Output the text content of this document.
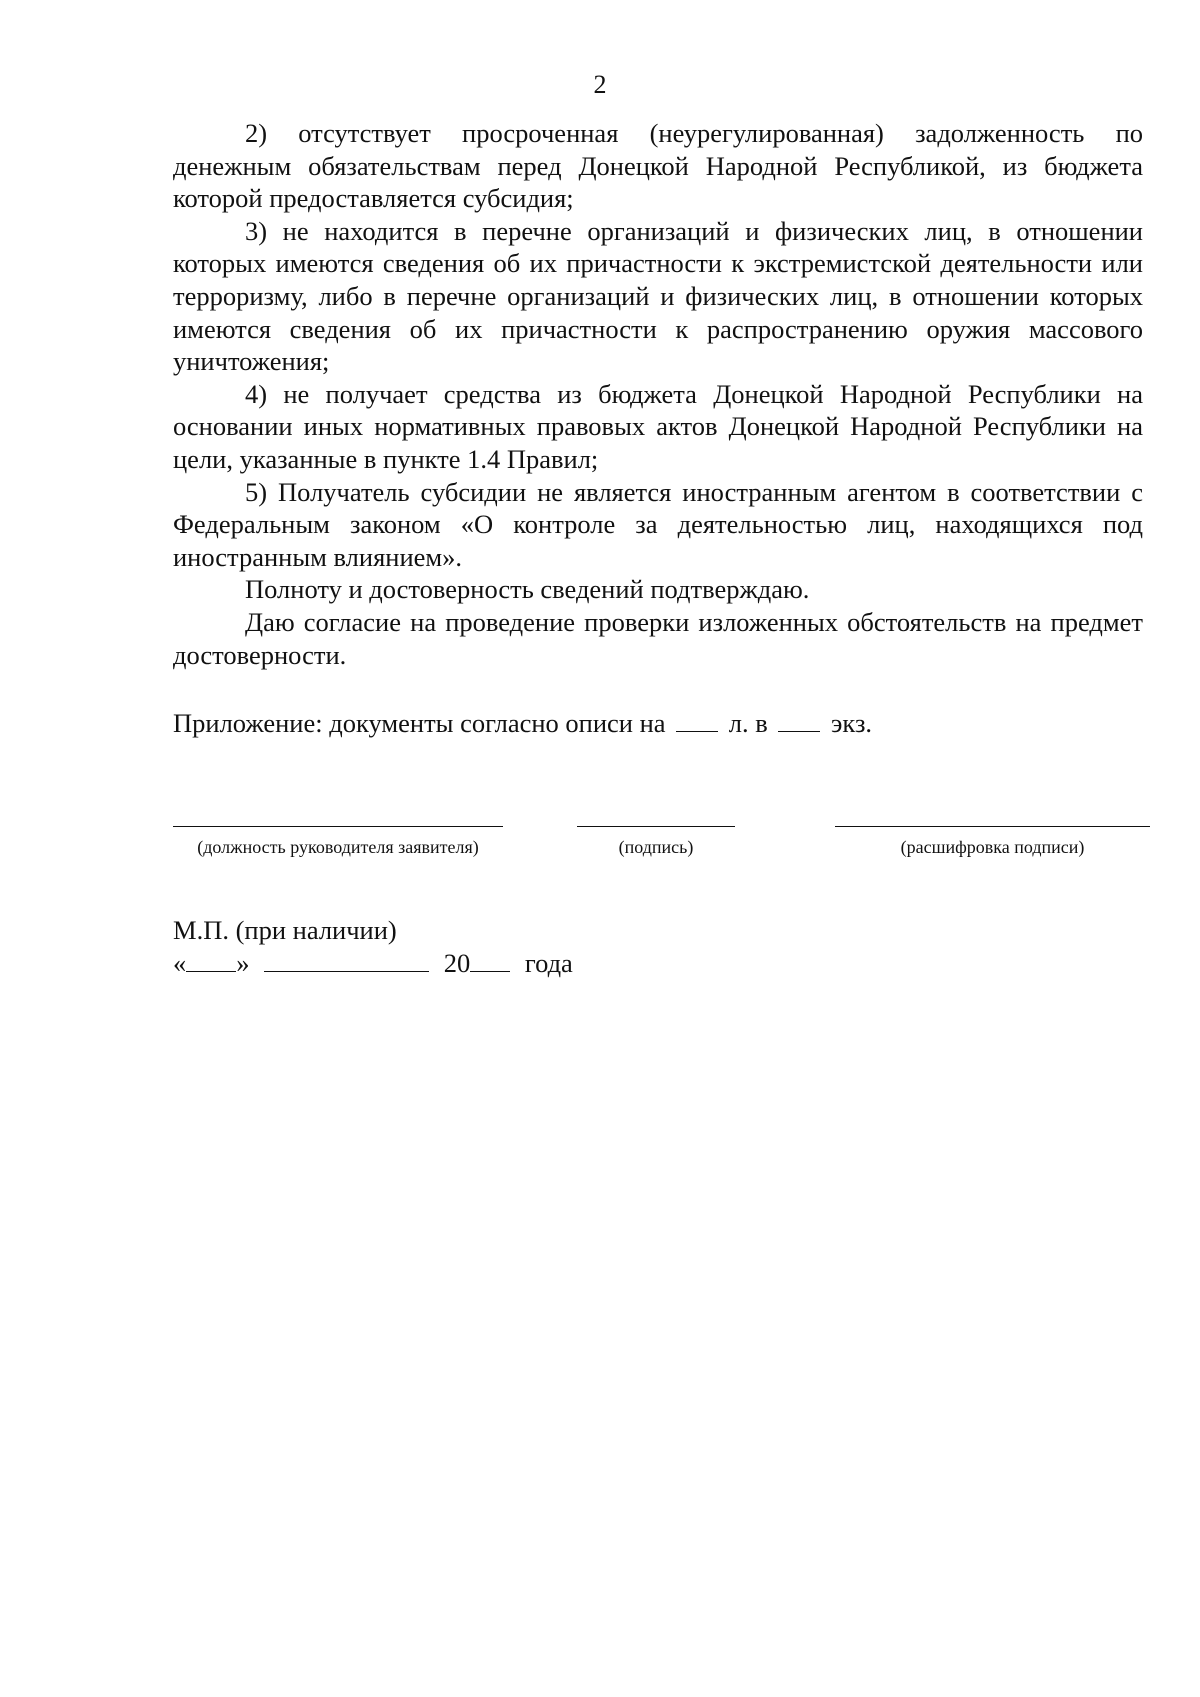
2

2) отсутствует просроченная (неурегулированная) задолженность по денежным обязательствам перед Донецкой Народной Республикой, из бюджета которой предоставляется субсидия;

3) не находится в перечне организаций и физических лиц, в отношении которых имеются сведения об их причастности к экстремистской деятельности или терроризму, либо в перечне организаций и физических лиц, в отношении которых имеются сведения об их причастности к распространению оружия массового уничтожения;

4) не получает средства из бюджета Донецкой Народной Республики на основании иных нормативных правовых актов Донецкой Народной Республики на цели, указанные в пункте 1.4 Правил;

5) Получатель субсидии не является иностранным агентом в соответствии с Федеральным законом «О контроле за деятельностью лиц, находящихся под иностранным влиянием».

Полноту и достоверность сведений подтверждаю.

Даю согласие на проведение проверки изложенных обстоятельств на предмет достоверности.

Приложение: документы согласно описи на л. в экз.
(должность руководителя заявителя)	(подпись)	(расшифровка подписи)
М.П. (при наличии)
« »	20 года
